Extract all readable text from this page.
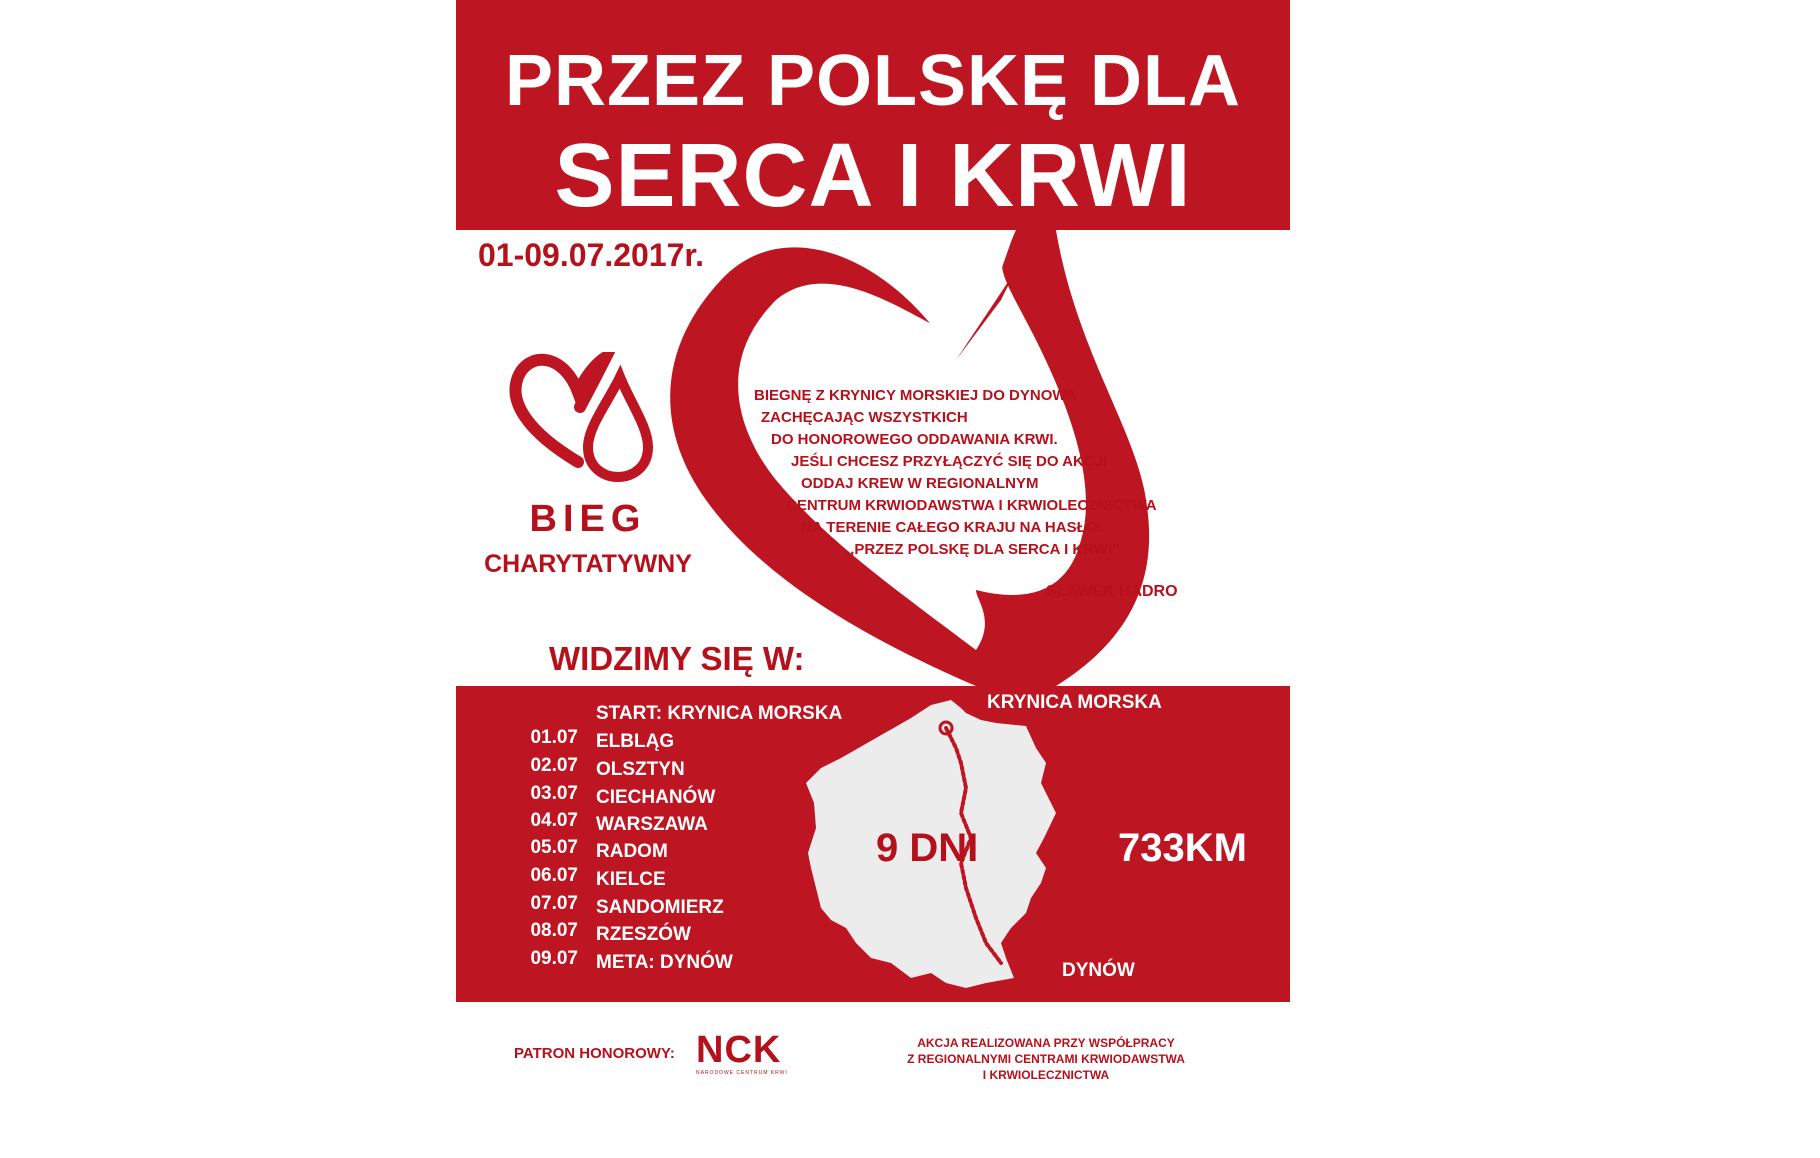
PRZEZ POLSKĘ DLA
SERCA I KRWI
01-09.07.2017r.
BIEG
CHARYTATYWNY
BIEGNĘ Z KRYNICY MORSKIEJ DO DYNOWA
ZACHĘCAJĄC WSZYSTKICH
DO HONOROWEGO ODDAWANIA KRWI.
JEŚLI CHCESZ PRZYŁĄCZYĆ SIĘ DO AKCJI
ODDAJ KREW W REGIONALNYM
CENTRUM KRWIODAWSTWA I KRWIOLECZNICTWA
NA TERENIE CAŁEGO KRAJU NA HASŁO:
,,PRZEZ POLSKĘ DLA SERCA I KRWI”
SŁAWEK HADRO
WIDZIMY SIĘ W:
START: KRYNICA MORSKA
01.07 ELBLĄG
02.07 OLSZTYN
03.07 CIECHANÓW
04.07 WARSZAWA
05.07 RADOM
06.07 KIELCE
07.07 SANDOMIERZ
08.07 RZESZÓW
09.07 META: DYNÓW
KRYNICA MORSKA
DYNÓW
9 DNI	733KM
PATRON HONOROWY: NCK
NARODOWE CENTRUM KRWI
AKCJA REALIZOWANA PRZY WSPÓŁPRACY
Z REGIONALNYMI CENTRAMI KRWIODAWSTWA
I KRWIOLECZNICTWA
